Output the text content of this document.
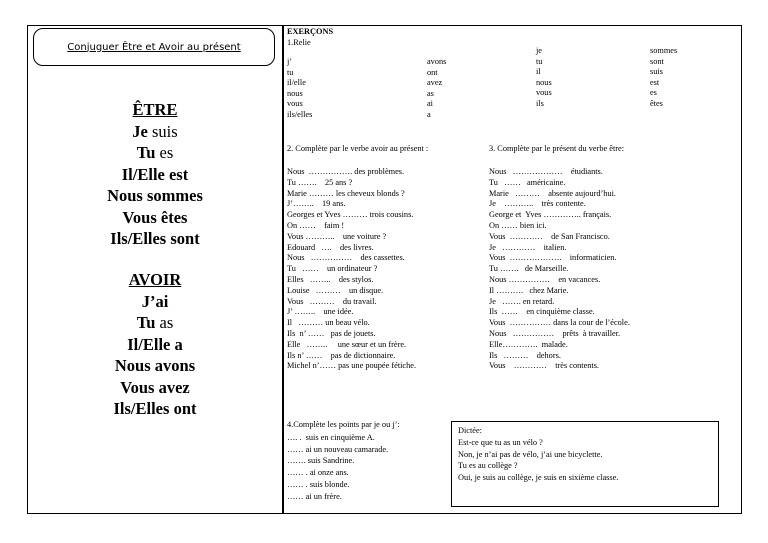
Conjuguer Être et Avoir au présent
ÊTRE
Je suis
Tu es
Il/Elle est
Nous sommes
Vous êtes
Ils/Elles sont
AVOIR
J’ai
Tu as
Il/Elle a
Nous avons
Vous avez
Ils/Elles ont
EXERÇONS
1.Relie
j’
tu
il/elle
nous
vous
ils/elles
avons
ont
avez
as
ai
a
je
tu
il
nous
vous
ils
sommes
sont
suis
est
es
êtes
2. Complète par le verbe avoir au présent :
Nous  ……………. des problèmes.
Tu …….    25 ans ?
Marie ……… les cheveux blonds ?
J’……..    19 ans.
Georges et Yves ……… trois cousins.
On ……    faim !
Vous ………..    une voiture ?
Edouard   ….    des livres.
Nous   ……………    des cassettes.
Tu   ……    un ordinateur ?
Elles   ……..    des stylos.
Louise   ………    un disque.
Vous   ………    du travail.
J’ ……..    une idée.
Il   ……… un beau vélo.
Ils  n’ ……   pas de jouets.
Elle   ……..     une sœur et un frère.
Ils n’ ……    pas de dictionnaire.
Michel n’…… pas une poupée fétiche.
3. Complète par le présent du verbe être:
Nous   ………………    étudiants.
Tu   ……   américaine.
Marie   ………    absente aujourd’hui.
Je    ………..    très contente.
George et  Yves ………….. français.
On …… bien ici.
Vous  …………    de San Francisco.
Je   …………    italien.
Vous  ……………….    informaticien.
Tu …….   de Marseille.
Nous ……………    en vacances.
Il ……….   chez Marie.
Je   ……. en retard.
Ils  ……    en cinquième classe.
Vous  …………… dans la cour de l’école.
Nous   ……………    prêts  à travailler.
Elle………….  malade.
Ils   ………    dehors.
Vous    …………    très contents.
4.Complète les points par je ou j’:
…. .  suis en cinquième A.
…… ai un nouveau camarade.
……. suis Sandrine.
…… . ai onze ans.
…… . suis blonde.
…… ai un frère.
Dictée:
Est-ce que tu as un vélo ?
Non, je n’ai pas de vélo, j’ai une bicyclette.
Tu es au collège ?
Oui, je suis au collège, je suis en sixième classe.
